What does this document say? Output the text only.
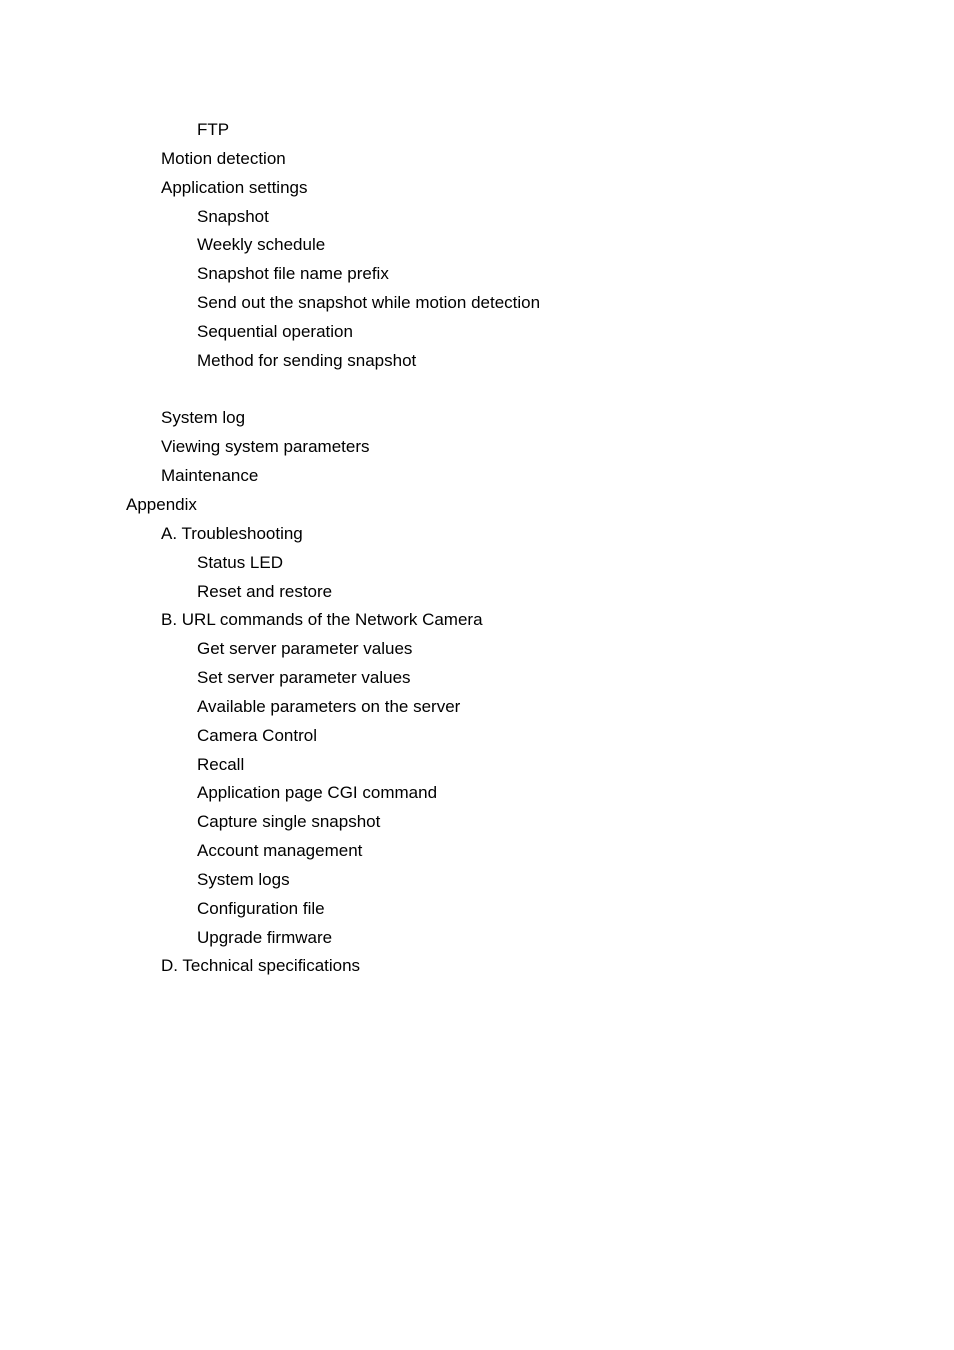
FTP
Motion detection
Application settings
Snapshot
Weekly schedule
Snapshot file name prefix
Send out the snapshot while motion detection
Sequential operation
Method for sending snapshot
System log
Viewing system parameters
Maintenance
Appendix
A. Troubleshooting
Status LED
Reset and restore
B. URL commands of the Network Camera
Get server parameter values
Set server parameter values
Available parameters on the server
Camera Control
Recall
Application page CGI command
Capture single snapshot
Account management
System logs
Configuration file
Upgrade firmware
D. Technical specifications
